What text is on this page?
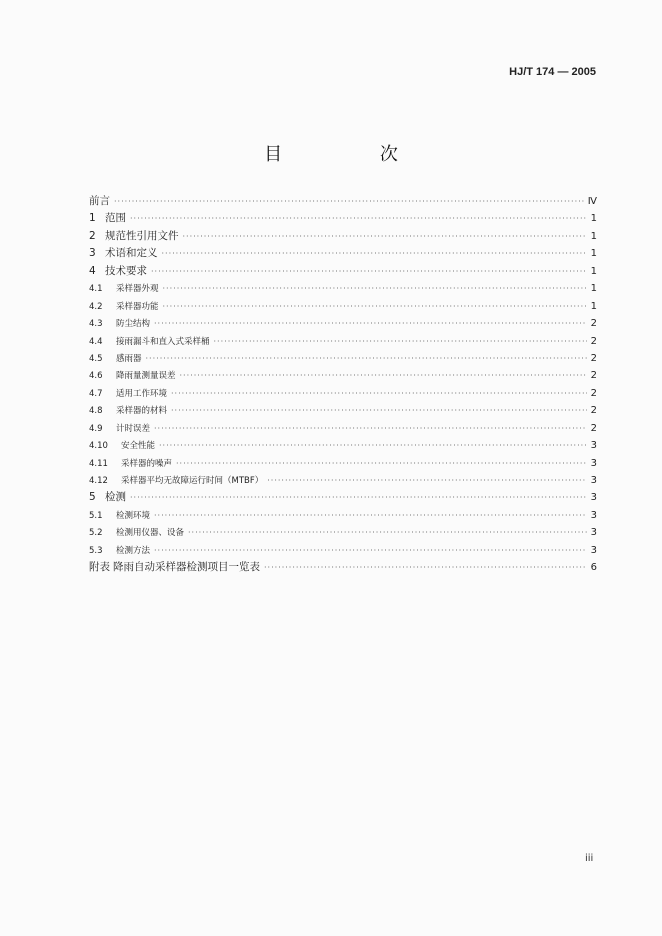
HJ/T 174 — 2005
目 次
前言 ·····	Ⅳ
1 范围 ·····	1
2 规范性引用文件 ·····	1
3 术语和定义 ·····	1
4 技术要求 ·····	1
4.1	采样器外观 ·····	1
4.2	采样器功能 ·····	1
4.3	防尘结构 ·····	2
4.4	接雨漏斗和直入式采样桶 ·····	2
4.5	感雨器 ·····	2
4.6	降雨量测量误差 ·····	2
4.7	适用工作环境 ·····	2
4.8	采样器的材料 ·····	2
4.9	计时误差 ·····	2
4.10	安全性能 ·····	3
4.11	采样器的噪声 ·····	3
4.12	采样器平均无故障运行时间（MTBF） ·····	3
5 检测 ·····	3
5.1	检测环境 ·····	3
5.2	检测用仪器、设备 ·····	3
5.3	检测方法 ·····	3
附表 降雨自动采样器检测项目一览表 ·····	6
iii
